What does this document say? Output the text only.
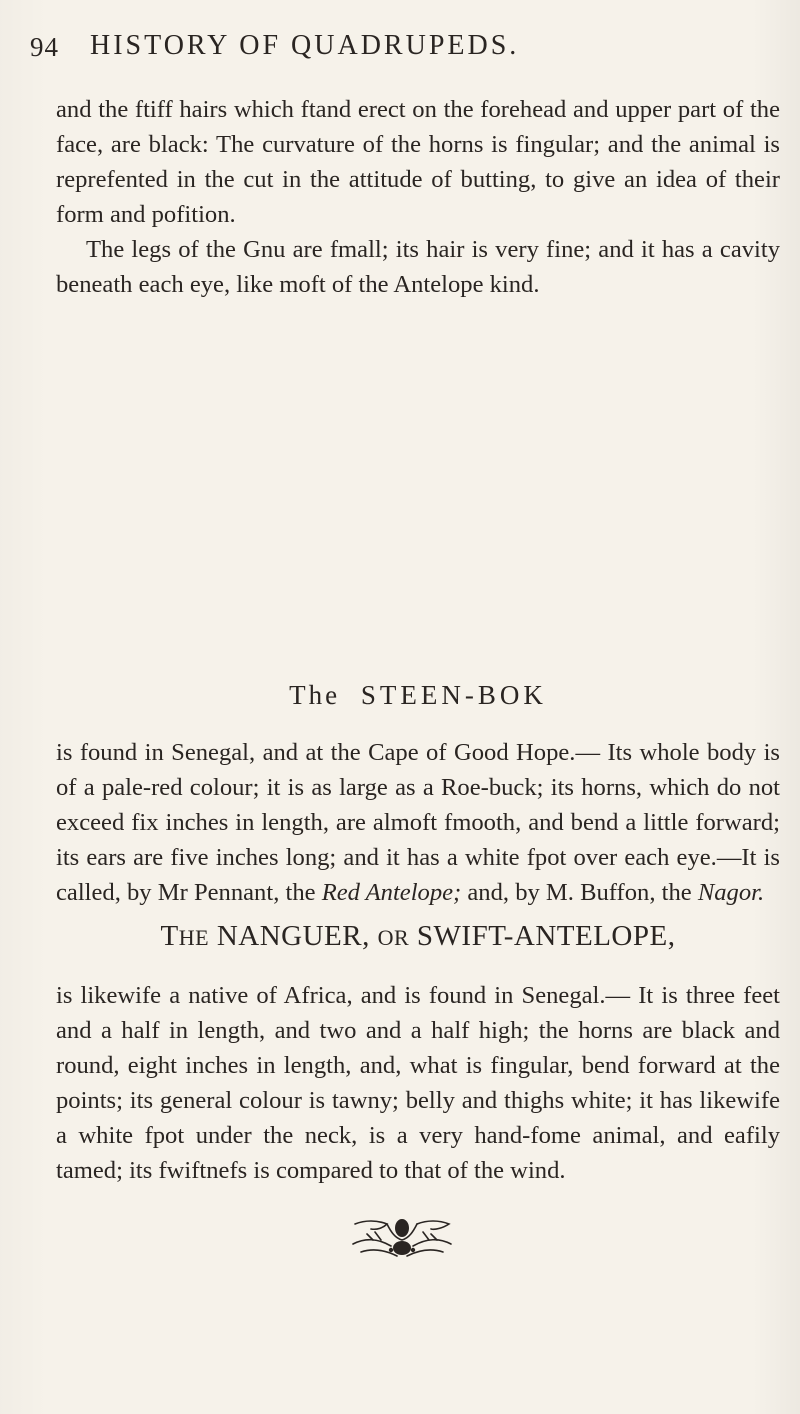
94 HISTORY OF QUADRUPEDS.

and the ftiff hairs which ftand erect on the forehead and upper part of the face, are black: The curvature of the horns is fingular; and the animal is reprefented in the cut in the attitude of butting, to give an idea of their form and pofition.

The legs of the Gnu are fmall; its hair is very fine; and it has a cavity beneath each eye, like moft of the Antelope kind.

The STEEN-BOK

is found in Senegal, and at the Cape of Good Hope.— Its whole body is of a pale-red colour; it is as large as a Roe-buck; its horns, which do not exceed fix inches in length, are almoft fmooth, and bend a little forward; its ears are five inches long; and it has a white fpot over each eye.—It is called, by Mr Pennant, the Red Antelope; and, by M. Buffon, the Nagor.

THE NANGUER, OR SWIFT-ANTELOPE,

is likewife a native of Africa, and is found in Senegal.— It is three feet and a half in length, and two and a half high; the horns are black and round, eight inches in length, and, what is fingular, bend forward at the points; its general colour is tawny; belly and thighs white; it has likewife a white fpot under the neck, is a very hand-fome animal, and eafily tamed; its fwiftnefs is compared to that of the wind.
